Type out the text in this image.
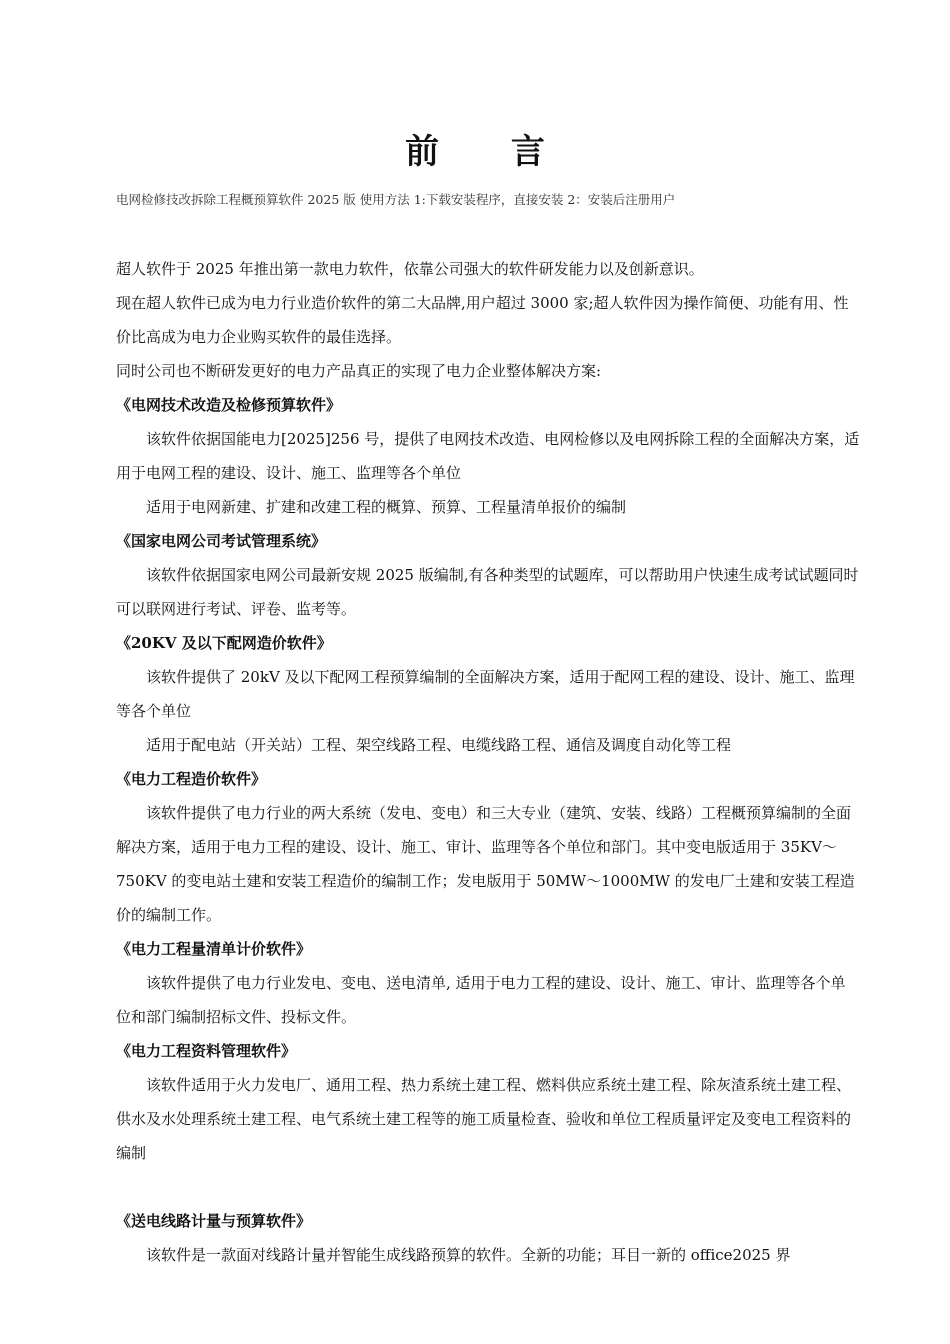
前 言
电网检修技改拆除工程概预算软件 2025 版 使用方法 1:下载安装程序，直接安装 2：安装后注册用户

超人软件于 2025 年推出第一款电力软件，依靠公司强大的软件研发能力以及创新意识。

现在超人软件已成为电力行业造价软件的第二大品牌,用户超过 3000 家;超人软件因为操作简便、功能有用、性价比高成为电力企业购买软件的最佳选择。

同时公司也不断研发更好的电力产品真正的实现了电力企业整体解决方案:

《电网技术改造及检修预算软件》

该软件依据国能电力[2025]256 号，提供了电网技术改造、电网检修以及电网拆除工程的全面解决方案，适用于电网工程的建设、设计、施工、监理等各个单位

适用于电网新建、扩建和改建工程的概算、预算、工程量清单报价的编制

《国家电网公司考试管理系统》

该软件依据国家电网公司最新安规 2025 版编制,有各种类型的试题库，可以帮助用户快速生成考试试题同时可以联网进行考试、评卷、监考等。

《20KV 及以下配网造价软件》

该软件提供了 20kV 及以下配网工程预算编制的全面解决方案，适用于配网工程的建设、设计、施工、监理等各个单位

适用于配电站（开关站）工程、架空线路工程、电缆线路工程、通信及调度自动化等工程

《电力工程造价软件》

该软件提供了电力行业的两大系统（发电、变电）和三大专业（建筑、安装、线路）工程概预算编制的全面解决方案，适用于电力工程的建设、设计、施工、审计、监理等各个单位和部门。其中变电版适用于 35KV～750KV 的变电站土建和安装工程造价的编制工作；发电版用于 50MW～1000MW 的发电厂土建和安装工程造价的编制工作。

《电力工程量清单计价软件》

该软件提供了电力行业发电、变电、送电清单, 适用于电力工程的建设、设计、施工、审计、监理等各个单位和部门编制招标文件、投标文件。

《电力工程资料管理软件》

该软件适用于火力发电厂、通用工程、热力系统土建工程、燃料供应系统土建工程、除灰渣系统土建工程、供水及水处理系统土建工程、电气系统土建工程等的施工质量检查、验收和单位工程质量评定及变电工程资料的编制

《送电线路计量与预算软件》

该软件是一款面对线路计量并智能生成线路预算的软件。全新的功能；耳目一新的 office2025 界
